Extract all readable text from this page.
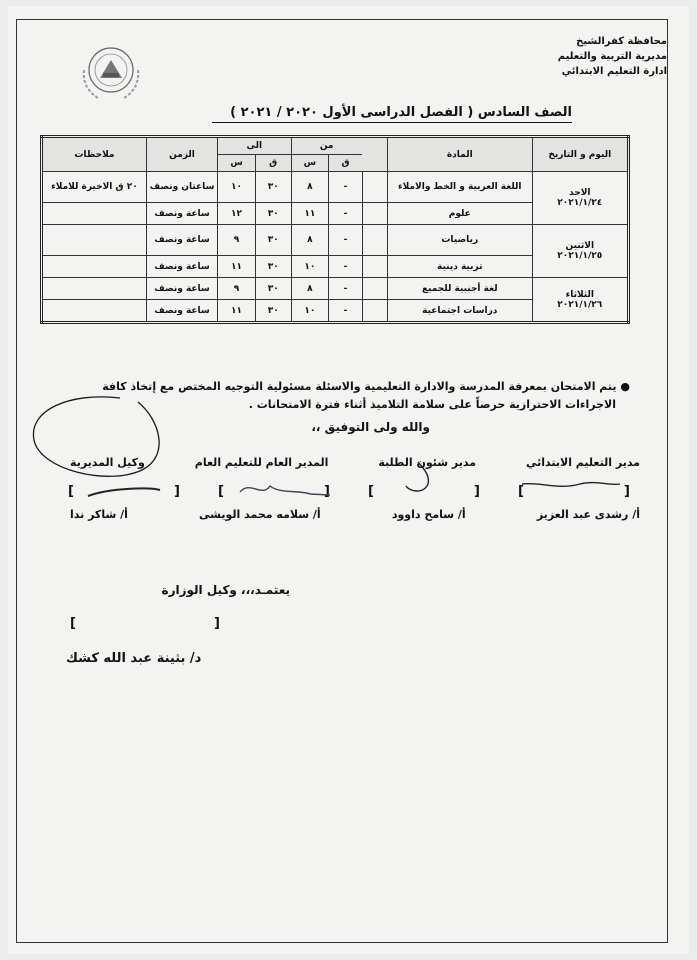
محافظة كفرالشيخ
مديرية التربية والتعليم
ادارة التعليم الابتدائي
الصف السادس ( الفصل الدراسى الأول ٢٠٢٠ / ٢٠٢١ )
اليوم و التاريخ	المادة		من		الى		الزمن	ملاحظات
			ق	س	ق	س		

الاحد
٢٠٢١/١/٢٤	اللغة العربية و الخط والاملاء		-	٨	٣٠	١٠	ساعتان ونصف	٢٠ ق الاخيرة للاملاء
	علوم		-	١١	٣٠	١٢	ساعة ونصف	

الاثنين
٢٠٢١/١/٢٥	رياضيات		-	٨	٣٠	٩	ساعة ونصف	
	تربية دينية		-	١٠	٣٠	١١	ساعة ونصف	

الثلاثاء
٢٠٢١/١/٢٦	لغة أجنبية للجميع		-	٨	٣٠	٩	ساعة ونصف	
	دراسات اجتماعية		-	١٠	٣٠	١١	ساعة ونصف	
● يتم الامتحان بمعرفة المدرسة والادارة التعليمية والاسئلة مسئولية التوجيه المختص مع إتخاذ كافة
الاجراءات الاحترازية حرصاً على سلامة التلاميذ أثناء فترة الامتحانات .
والله ولى التوفيق ،،
مدير التعليم الابتدائي
مدير شئون الطلبة
المدير العام للتعليم العام
وكيل المديرية
[
]
[
]
[
]
[
]
أ/ رشدى عبد العزيز
أ/ سامح داوود
أ/ سلامه محمد الويشى
أ/ شاكر ندا
يعتمـد،،، وكيل الوزارة
[	]
د/ بثينة عبد الله كشك
